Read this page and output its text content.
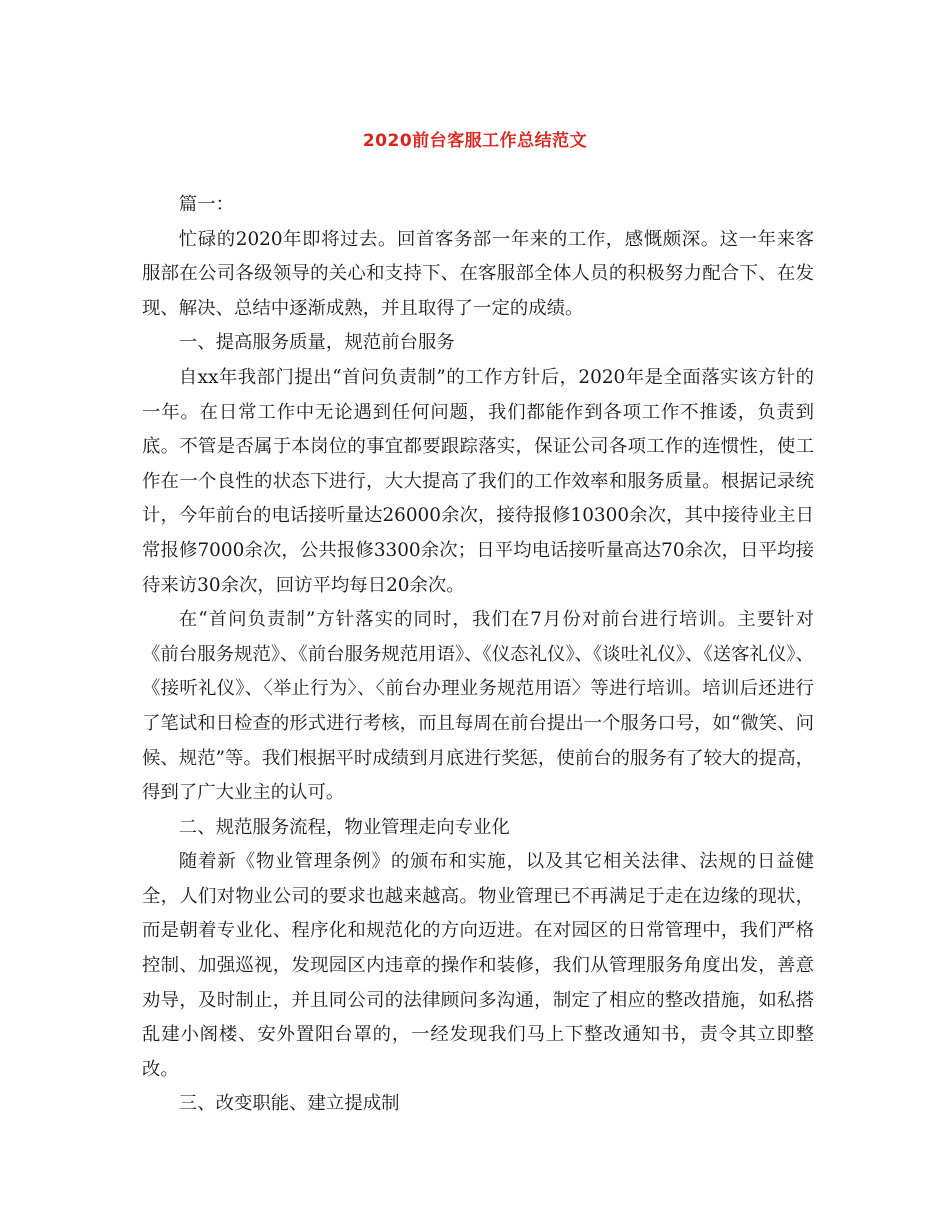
2020前台客服工作总结范文

篇一：

忙碌的2020年即将过去。回首客务部一年来的工作，感慨颇深。这一年来客服部在公司各级领导的关心和支持下、在客服部全体人员的积极努力配合下、在发现、解决、总结中逐渐成熟，并且取得了一定的成绩。

一、提高服务质量，规范前台服务

自xx年我部门提出“首问负责制”的工作方针后，2020年是全面落实该方针的一年。在日常工作中无论遇到任何问题，我们都能作到各项工作不推诿，负责到底。不管是否属于本岗位的事宜都要跟踪落实，保证公司各项工作的连惯性，使工作在一个良性的状态下进行，大大提高了我们的工作效率和服务质量。根据记录统计，今年前台的电话接听量达26000余次，接待报修10300余次，其中接待业主日常报修7000余次，公共报修3300余次；日平均电话接听量高达70余次，日平均接待来访30余次，回访平均每日20余次。

在“首问负责制”方针落实的同时，我们在7月份对前台进行培训。主要针对《前台服务规范》、《前台服务规范用语》、《仪态礼仪》、《谈吐礼仪》、《送客礼仪》、《接听礼仪》、〈举止行为〉、〈前台办理业务规范用语〉等进行培训。培训后还进行了笔试和日检查的形式进行考核，而且每周在前台提出一个服务口号，如“微笑、问候、规范”等。我们根据平时成绩到月底进行奖惩，使前台的服务有了较大的提高，得到了广大业主的认可。

二、规范服务流程，物业管理走向专业化

随着新《物业管理条例》的颁布和实施，以及其它相关法律、法规的日益健全，人们对物业公司的要求也越来越高。物业管理已不再满足于走在边缘的现状，而是朝着专业化、程序化和规范化的方向迈进。在对园区的日常管理中，我们严格控制、加强巡视，发现园区内违章的操作和装修，我们从管理服务角度出发，善意劝导，及时制止，并且同公司的法律顾问多沟通，制定了相应的整改措施，如私搭乱建小阁楼、安外置阳台罩的，一经发现我们马上下整改通知书，责令其立即整改。

三、改变职能、建立提成制
